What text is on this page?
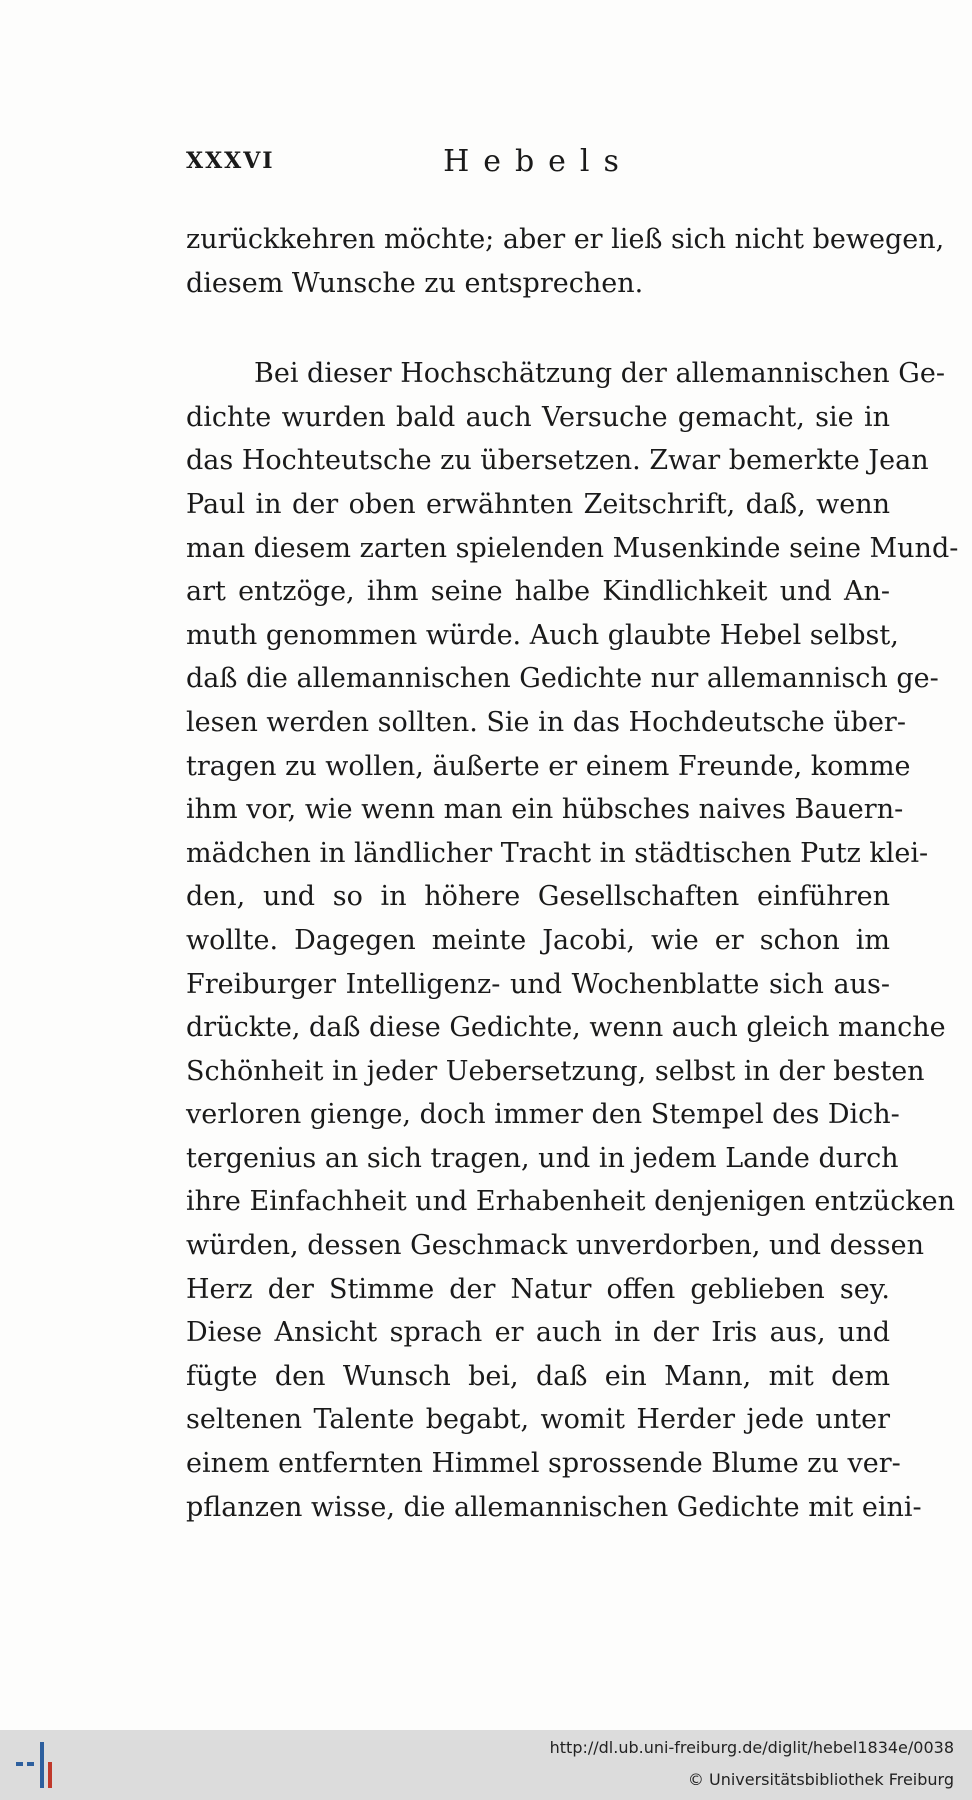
XXXVI	Hebels
zurückkehren möchte; aber er ließ sich nicht bewegen,
diesem Wunsche zu entsprechen.
Bei dieser Hochschätzung der allemannischen Ge-
dichte wurden bald auch Versuche gemacht, sie in
das Hochteutsche zu übersetzen. Zwar bemerkte Jean
Paul in der oben erwähnten Zeitschrift, daß, wenn
man diesem zarten spielenden Musenkinde seine Mund-
art entzöge, ihm seine halbe Kindlichkeit und An-
muth genommen würde. Auch glaubte Hebel selbst,
daß die allemannischen Gedichte nur allemannisch ge-
lesen werden sollten. Sie in das Hochdeutsche über-
tragen zu wollen, äußerte er einem Freunde, komme
ihm vor, wie wenn man ein hübsches naives Bauern-
mädchen in ländlicher Tracht in städtischen Putz klei-
den, und so in höhere Gesellschaften einführen
wollte. Dagegen meinte Jacobi, wie er schon im
Freiburger Intelligenz- und Wochenblatte sich aus-
drückte, daß diese Gedichte, wenn auch gleich manche
Schönheit in jeder Uebersetzung, selbst in der besten
verloren gienge, doch immer den Stempel des Dich-
tergenius an sich tragen, und in jedem Lande durch
ihre Einfachheit und Erhabenheit denjenigen entzücken
würden, dessen Geschmack unverdorben, und dessen
Herz der Stimme der Natur offen geblieben sey.
Diese Ansicht sprach er auch in der Iris aus, und
fügte den Wunsch bei, daß ein Mann, mit dem
seltenen Talente begabt, womit Herder jede unter
einem entfernten Himmel sprossende Blume zu ver-
pflanzen wisse, die allemannischen Gedichte mit eini-
http://dl.ub.uni-freiburg.de/diglit/hebel1834e/0038
© Universitätsbibliothek Freiburg
